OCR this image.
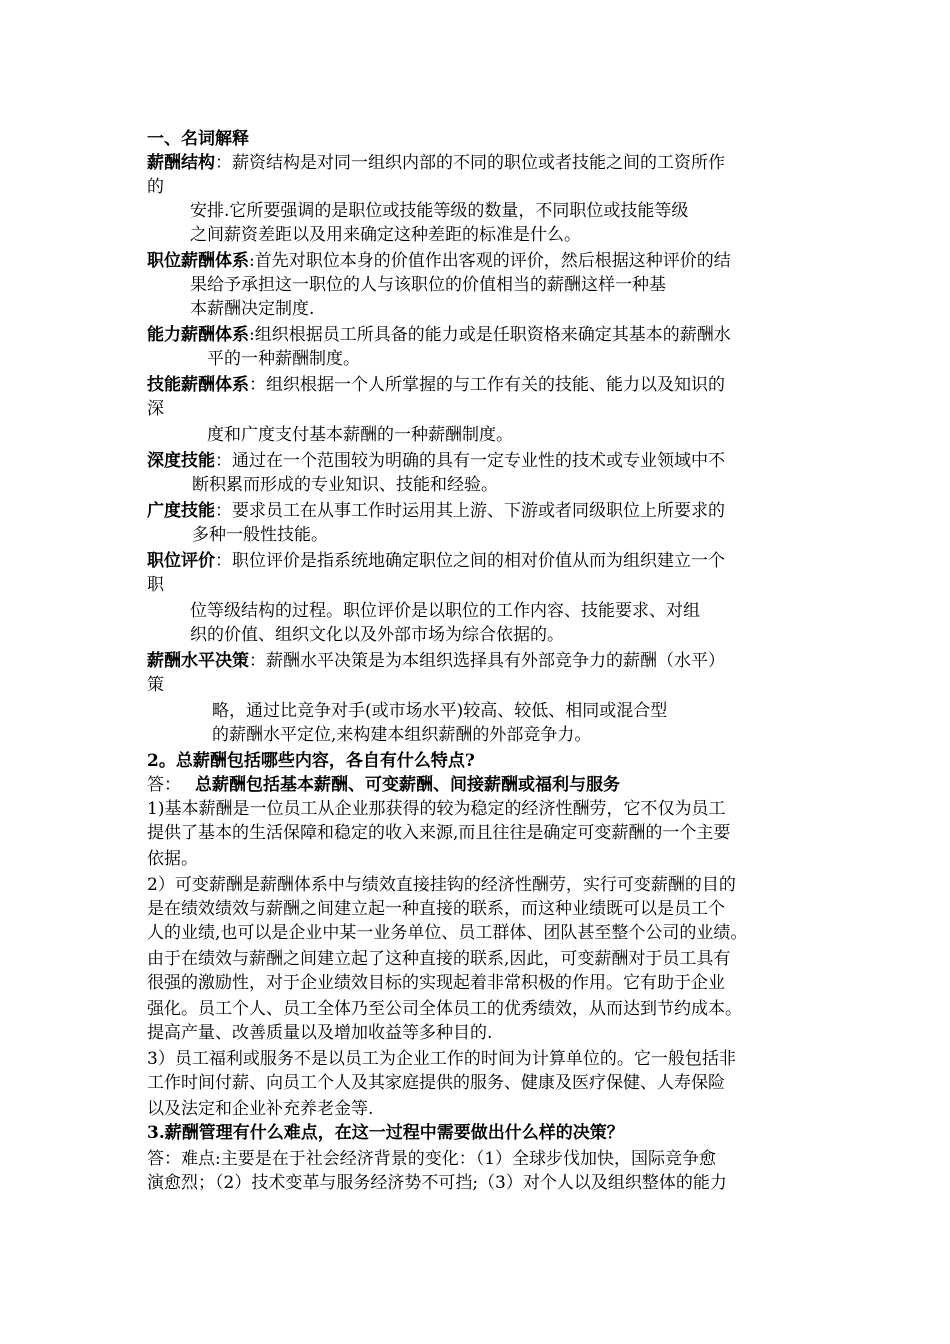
一、名词解释
薪酬结构：薪资结构是对同一组织内部的不同的职位或者技能之间的工资所作
的
安排.它所要强调的是职位或技能等级的数量，不同职位或技能等级
之间薪资差距以及用来确定这种差距的标准是什么。
职位薪酬体系:首先对职位本身的价值作出客观的评价，然后根据这种评价的结
果给予承担这一职位的人与该职位的价值相当的薪酬这样一种基
本薪酬决定制度.
能力薪酬体系:组织根据员工所具备的能力或是任职资格来确定其基本的薪酬水
平的一种薪酬制度。
技能薪酬体系：组织根据一个人所掌握的与工作有关的技能、能力以及知识的
深
度和广度支付基本薪酬的一种薪酬制度。
深度技能：通过在一个范围较为明确的具有一定专业性的技术或专业领域中不
断积累而形成的专业知识、技能和经验。
广度技能：要求员工在从事工作时运用其上游、下游或者同级职位上所要求的
多种一般性技能。
职位评价：职位评价是指系统地确定职位之间的相对价值从而为组织建立一个
职
位等级结构的过程。职位评价是以职位的工作内容、技能要求、对组
织的价值、组织文化以及外部市场为综合依据的。
薪酬水平决策：薪酬水平决策是为本组织选择具有外部竞争力的薪酬（水平）
策
略，通过比竞争对手(或市场水平)较高、较低、相同或混合型
的薪酬水平定位,来构建本组织薪酬的外部竞争力。
2。总薪酬包括哪些内容，各自有什么特点?
答： 总薪酬包括基本薪酬、可变薪酬、间接薪酬或福利与服务
1)基本薪酬是一位员工从企业那获得的较为稳定的经济性酬劳，它不仅为员工
提供了基本的生活保障和稳定的收入来源,而且往往是确定可变薪酬的一个主要
依据。
2）可变薪酬是薪酬体系中与绩效直接挂钩的经济性酬劳，实行可变薪酬的目的
是在绩效绩效与薪酬之间建立起一种直接的联系，而这种业绩既可以是员工个
人的业绩,也可以是企业中某一业务单位、员工群体、团队甚至整个公司的业绩。
由于在绩效与薪酬之间建立起了这种直接的联系,因此，可变薪酬对于员工具有
很强的激励性，对于企业绩效目标的实现起着非常积极的作用。它有助于企业
强化。员工个人、员工全体乃至公司全体员工的优秀绩效，从而达到节约成本。
提高产量、改善质量以及增加收益等多种目的.
3）员工福利或服务不是以员工为企业工作的时间为计算单位的。它一般包括非
工作时间付薪、向员工个人及其家庭提供的服务、健康及医疗保健、人寿保险
以及法定和企业补充养老金等.
3.薪酬管理有什么难点，在这一过程中需要做出什么样的决策？
答：难点:主要是在于社会经济背景的变化：（1）全球步伐加快，国际竞争愈
演愈烈；（2）技术变革与服务经济势不可挡;（3）对个人以及组织整体的能力
